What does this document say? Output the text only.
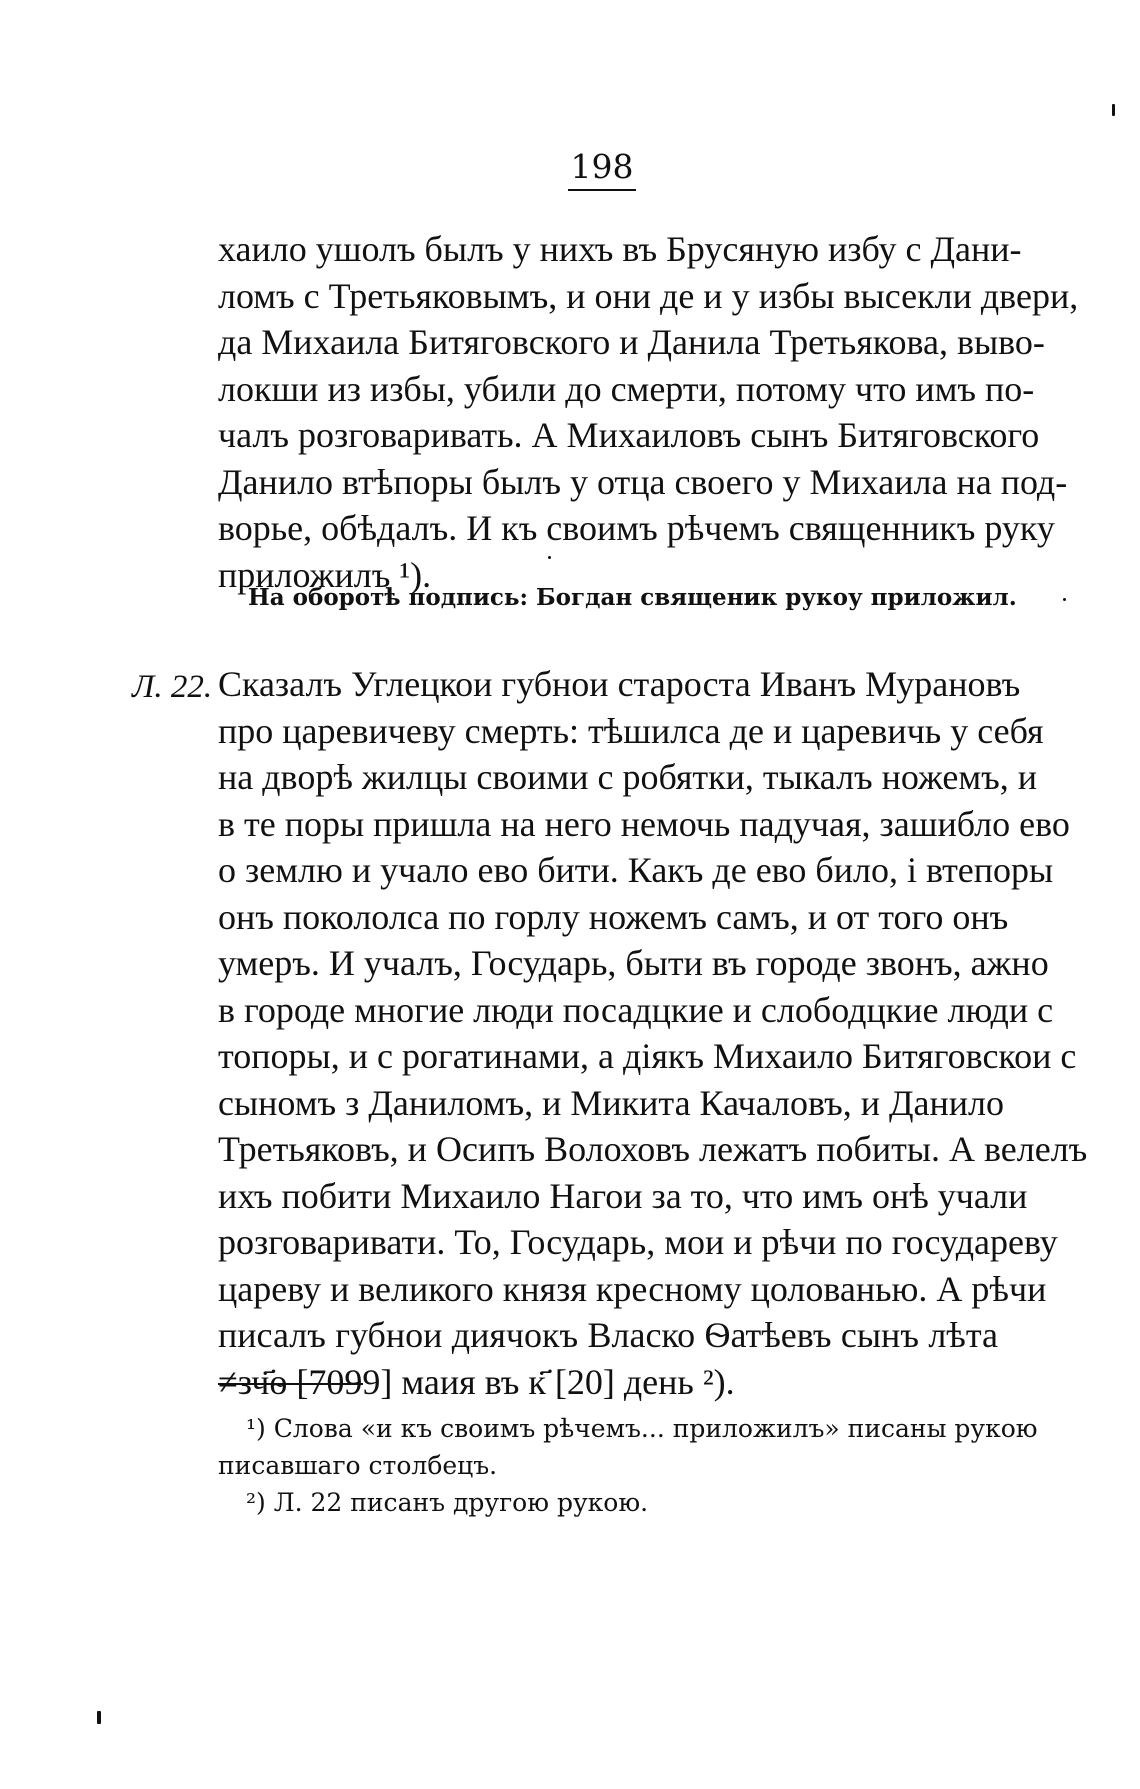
198
хаило ушолъ былъ у нихъ въ Брусяную избу с Дани-
ломъ с Третьяковымъ, и они де и у избы высекли двери,
да Михаила Битяговского и Данила Третьякова, выво-
локши из избы, убили до смерти, потому что имъ по-
чалъ розговаривать. А Михаиловъ сынъ Битяговского
Данило втѣпоры былъ у отца своего у Михаила на под-
ворье, обѣдалъ. И къ своимъ рѣчемъ священникъ руку
приложилъ ¹).
На оборотѣ подпись: Богдан священик рукоу приложил.
Л. 22. Сказалъ Углецкои губнои староста Иванъ Мурановъ
про царевичеву смерть: тѣшилса де и царевичь у себя
на дворѣ жилцы своими с робятки, тыкалъ ножемъ, и
в те поры пришла на него немочь падучая, зашибло ево
о землю и учало ево бити. Какъ де ево било, і втепоры
онъ покололса по горлу ножемъ самъ, и от того онъ
умеръ. И учалъ, Государь, быти въ городе звонъ, ажно
в городе многие люди посадцкие и слободцкие люди с
топоры, и с рогатинами, а діякъ Михаило Битяговскои с
сыномъ з Даниломъ, и Микита Качаловъ, и Данило
Третьяковъ, и Осипъ Волоховъ лежатъ побиты. А велелъ
ихъ побити Михаило Нагои за то, что имъ онѣ учали
розговаривати. То, Государь, мои и рѣчи по государеву
цареву и великого князя кресному цолованью. А рѣчи
писалъ губнои диячокъ Власко Ѳатѣевъ сынъ лѣта
≠зч҃ѳ [7099] маия въ к҃ [20] день ²).
¹) Слова «и къ своимъ рѣчемъ... приложилъ» писаны рукою
писавшаго столбецъ.
²) Л. 22 писанъ другою рукою.
